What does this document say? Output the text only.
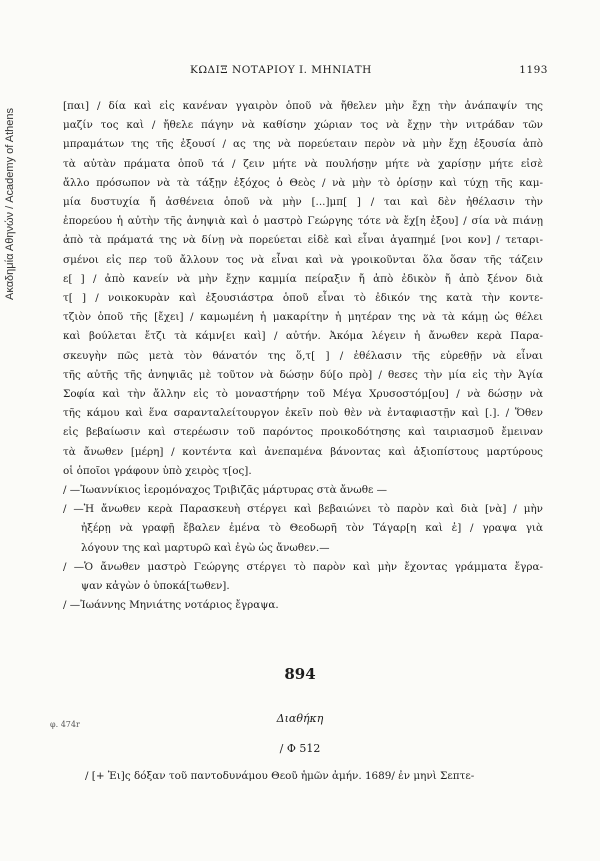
Ακαδημία Αθηνών / Academy of Athens
ΚΩΔΙΞ ΝΟΤΑΡΙΟΥ Ι. ΜΗΝΙΑΤΗ	1193

[παι] / δία καὶ εἰς κανέναν γγαιρὸν ὁποῦ νὰ ἤθελεν μὴν ἔχῃ τὴν ἀνάπαψίν της
μαζίν τος καὶ / ἤθελε πάγην νὰ καθίσην χώριαν τος νὰ ἔχῃν τὴν νιτράδαν τῶν
μπραμάτων της τῆς ἐξουσί / ας της νὰ πορεύεταιν περὸν νὰ μὴν ἔχῃ ἐξουσία ἀπὸ
τὰ αὐτὰν πράματα ὁποῦ τά / ζειν μήτε νὰ πουλήσῃν μήτε νὰ χαρίσῃν μήτε εἰσὲ
ἄλλο πρόσωπον νὰ τὰ τάξῃν ἐξόχος ὁ Θεὸς / νὰ μὴν τὸ ὁρίσῃν καὶ τύχῃ τῆς καμ-
μία δυστυχία ἤ ἀσθένεια ὁποῦ νὰ μὴν [...]μπ[ ] / ται καὶ δὲν ἠθέλασιν τὴν
ἐπορεύου ἡ αὐτὴν τῆς ἀνηψιὰ καὶ ὁ μαστρὸ Γεώργης τότε νὰ ἔχ[η ἐξου] / σία νὰ πιάνῃ
ἀπὸ τὰ πράματά της νὰ δίνῃ νὰ πορεύεται εἰδὲ καὶ εἶναι ἀγαπημέ [νοι κον] / τεταρι-
σμένοι εἰς περ τοῦ ἄλλουν τος νὰ εἶναι καὶ νὰ γροικοῦνται ὅλα ὅσαν τῆς τάζειν
ε[ ] / ἀπὸ κανείν νὰ μὴν ἔχῃν καμμία πείραξιν ἤ ἀπὸ ἐδικὸν ἤ ἀπὸ ξένον διὰ
τ[ ] / νοικοκυρὰν καὶ ἐξουσιάστρα ὁποῦ εἶναι τὸ ἐδικόν της κατὰ τὴν κοντε-
τζιὸν ὁποῦ τῆς [ἔχει] / καμωμένη ἡ μακαρίτην ἡ μητέραν της νὰ τὰ κάμῃ ὡς θέλει
καὶ βούλεται ἔτζι τὰ κάμν[ει καὶ] / αὐτήν. Ἀκόμα λέγειν ἡ ἄνωθεν κερὰ Παρα-
σκευγὴν πῶς μετὰ τὸν θάνατόν της ὅ,τ[ ] / ἐθέλασιν τῆς εὐρεθῇν νὰ εἶναι
τῆς αὐτῆς τῆς ἀνηψιᾶς μὲ τοῦτον νὰ δώσῃν δύ[ο πρὸ] / θεσες τὴν μία εἰς τὴν Ἁγία
Σοφία καὶ τὴν ἄλλην εἰς τὸ μοναστήρην τοῦ Μέγα Χρυσοστόμ[ου] / νὰ δώσῃν νὰ
τῆς κάμου καὶ ἕνα σαρανταλείτουργον ἐκεῖν ποὺ θὲν νὰ ἐνταφιαστῇν καὶ [.]. / Ὅθεν
εἰς βεβαίωσιν καὶ στερέωσιν τοῦ παρόντος προικοδότησης καὶ ταιριασμοῦ ἔμειναν
τὰ ἄνωθεν [μέρη] / κοντέντα καὶ ἀνεπαμένα βάνοντας καὶ ἀξιοπίστους μαρτύρους
οἱ ὁποῖοι γράφουν ὑπὸ χειρὸς τ[ος].

/ —Ἰωαννίκιος ἱερομόναχος Τριβιζᾶς μάρτυρας στὰ ἄνωθε —

/ —Ἡ ἄνωθεν κερὰ Παρασκευὴ στέργει καὶ βεβαιώνει τὸ παρὸν καὶ διὰ [νὰ] / μὴν
ἠξέρῃ νὰ γραφῇ ἔβαλεν ἐμένα τὸ Θεοδωρῆ τὸν Τάγαρ[η καὶ ἐ] / γραψα γιὰ
λόγουν της καὶ μαρτυρῶ καὶ ἐγὼ ὡς ἄνωθεν.—

/ —Ὁ ἄνωθεν μαστρὸ Γεώργης στέργει τὸ παρὸν καὶ μὴν ἔχοντας γράμματα ἔγρα-
ψαν κἀγὼν ὁ ὑποκά[τωθεν].

/ —Ἰωάννης Μηνιάτης νοτάριος ἔγραψα.

894
φ. 474r	Διαθήκη
/ Φ 512
/ [+ Ἐι]ς δόξαν τοῦ παντοδυνάμου Θεοῦ ἡμῶν ἀμήν. 1689/ ἐν μηνὶ Σεπτε-
